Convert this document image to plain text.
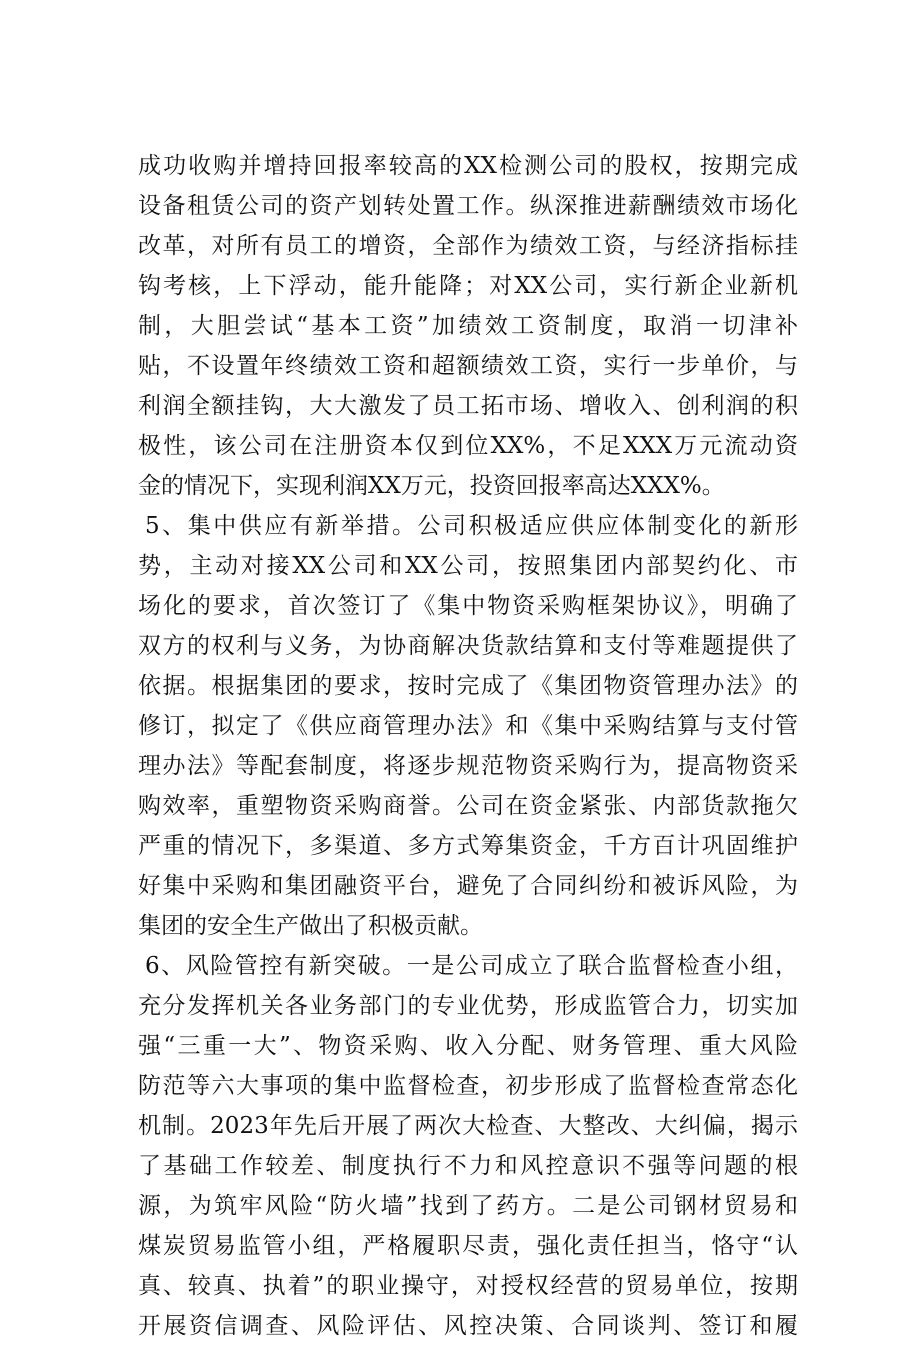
成功收购并增持回报率较高的XX检测公司的股权，按期完成
设备租赁公司的资产划转处置工作。纵深推进薪酬绩效市场化
改革，对所有员工的增资，全部作为绩效工资，与经济指标挂
钩考核，上下浮动，能升能降；对XX公司，实行新企业新机
制，大胆尝试“基本工资”加绩效工资制度，取消一切津补
贴，不设置年终绩效工资和超额绩效工资，实行一步单价，与
利润全额挂钩，大大激发了员工拓市场、增收入、创利润的积
极性，该公司在注册资本仅到位XX%，不足XXX万元流动资
金的情况下，实现利润XX万元，投资回报率高达XXX%。
5、集中供应有新举措。公司积极适应供应体制变化的新形
势，主动对接XX公司和XX公司，按照集团内部契约化、市
场化的要求，首次签订了《集中物资采购框架协议》，明确了
双方的权利与义务，为协商解决货款结算和支付等难题提供了
依据。根据集团的要求，按时完成了《集团物资管理办法》的
修订，拟定了《供应商管理办法》和《集中采购结算与支付管
理办法》等配套制度，将逐步规范物资采购行为，提高物资采
购效率，重塑物资采购商誉。公司在资金紧张、内部货款拖欠
严重的情况下，多渠道、多方式筹集资金，千方百计巩固维护
好集中采购和集团融资平台，避免了合同纠纷和被诉风险，为
集团的安全生产做出了积极贡献。
6、风险管控有新突破。一是公司成立了联合监督检查小组，
充分发挥机关各业务部门的专业优势，形成监管合力，切实加
强“三重一大”、物资采购、收入分配、财务管理、重大风险
防范等六大事项的集中监督检查，初步形成了监督检查常态化
机制。2023年先后开展了两次大检查、大整改、大纠偏，揭示
了基础工作较差、制度执行不力和风控意识不强等问题的根
源，为筑牢风险“防火墙”找到了药方。二是公司钢材贸易和
煤炭贸易监管小组，严格履职尽责，强化责任担当，恪守“认
真、较真、执着”的职业操守，对授权经营的贸易单位，按期
开展资信调查、风险评估、风控决策、合同谈判、签订和履
